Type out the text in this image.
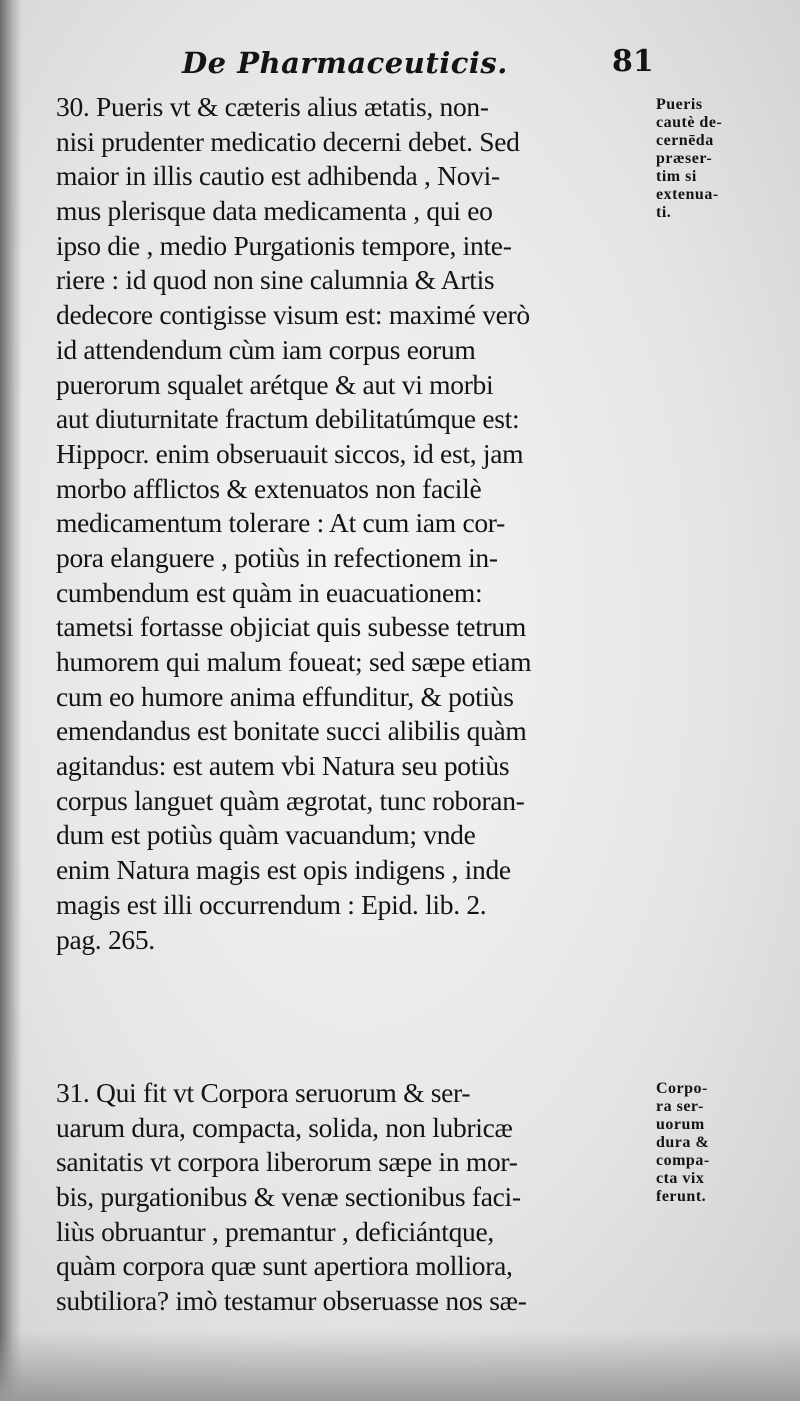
De Pharmaceuticis.	81
30. Pueris vt & cæteris alius ætatis, non-
nisi prudenter medicatio decerni debet. Sed
maior in illis cautio est adhibenda , Novi-
mus plerisque data medicamenta , qui eo
ipso die , medio Purgationis tempore, inte-
riere : id quod non sine calumnia & Artis
dedecore contigisse visum est: maximé verò
id attendendum cùm iam corpus eorum
puerorum squalet arétque & aut vi morbi
aut diuturnitate fractum debilitatúmque est:
Hippocr. enim obseruauit siccos, id est, jam
morbo afflictos & extenuatos non facilè
medicamentum tolerare : At cum iam cor-
pora elanguere , potiùs in refectionem in-
cumbendum est quàm in euacuationem:
tametsi fortasse objiciat quis subesse tetrum
humorem qui malum foueat; sed sæpe etiam
cum eo humore anima effunditur, & potiùs
emendandus est bonitate succi alibilis quàm
agitandus: est autem vbi Natura seu potiùs
corpus languet quàm ægrotat, tunc roboran-
dum est potiùs quàm vacuandum; vnde
enim Natura magis est opis indigens , inde
magis est illi occurrendum : Epid. lib. 2.
pag. 265.
31. Qui fit vt Corpora seruorum & ser-
uarum dura, compacta, solida, non lubricæ
sanitatis vt corpora liberorum sæpe in mor-
bis, purgationibus & venæ sectionibus faci-
liùs obruantur , premantur , deficiántque,
quàm corpora quæ sunt apertiora molliora,
subtiliora? imò testamur obseruasse nos sæ-
Pueris
cautè de-
cernēda
præser-
tim si
extenua-
ti.
Corpo-
ra ser-
uorum
dura &
compa-
cta vix
ferunt.
